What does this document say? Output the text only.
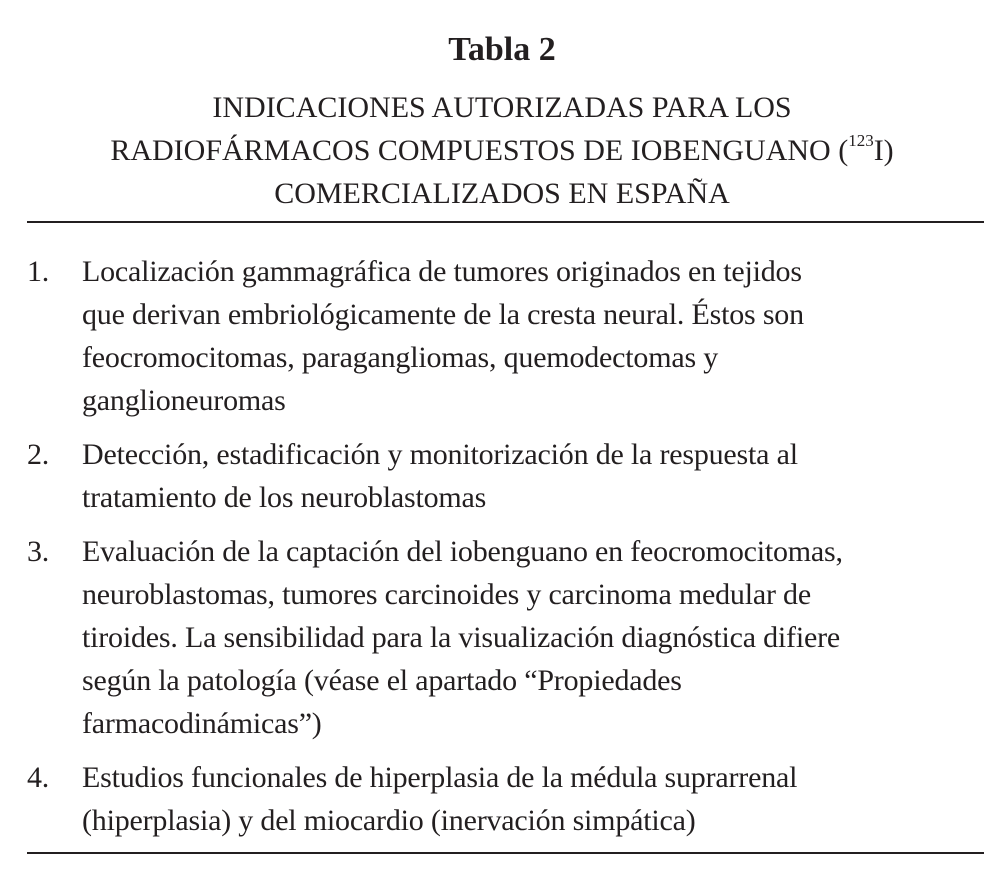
Tabla 2
INDICACIONES AUTORIZADAS PARA LOS
RADIOFÁRMACOS COMPUESTOS DE IOBENGUANO ($^{123}$I)
COMERCIALIZADOS EN ESPAÑA
1. Localización gammagráfica de tumores originados en tejidos
que derivan embriológicamente de la cresta neural. Éstos son
feocromocitomas, paragangliomas, quemodectomas y
ganglioneuromas
2. Detección, estadificación y monitorización de la respuesta al
tratamiento de los neuroblastomas
3. Evaluación de la captación del iobenguano en feocromocitomas,
neuroblastomas, tumores carcinoides y carcinoma medular de
tiroides. La sensibilidad para la visualización diagnóstica difiere
según la patología (véase el apartado “Propiedades
farmacodinámicas”)
4. Estudios funcionales de hiperplasia de la médula suprarrenal
(hiperplasia) y del miocardio (inervación simpática)
